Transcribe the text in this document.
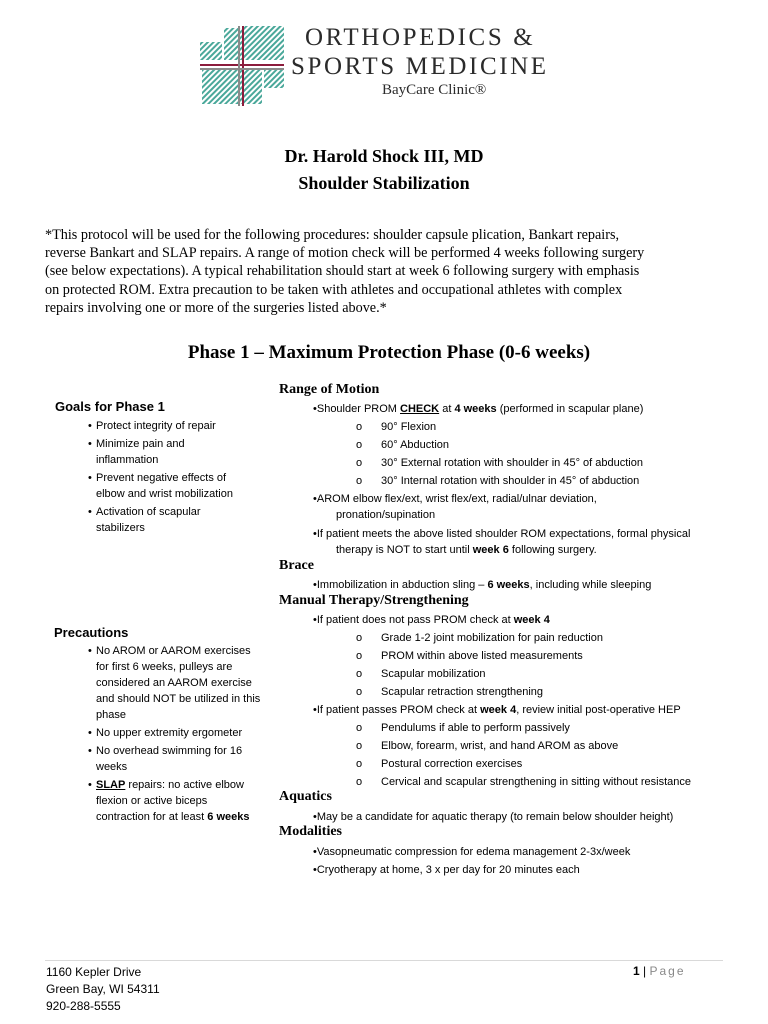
ORTHOPEDICS &
SPORTS MEDICINE
BayCare Clinic®
Dr. Harold Shock III, MD
Shoulder Stabilization
*This protocol will be used for the following procedures: shoulder capsule plication, Bankart repairs,
reverse Bankart and SLAP repairs. A range of motion check will be performed 4 weeks following surgery
(see below expectations). A typical rehabilitation should start at week 6 following surgery with emphasis
on protected ROM. Extra precaution to be taken with athletes and occupational athletes with complex
repairs involving one or more of the surgeries listed above.*
Phase 1 – Maximum Protection Phase (0-6 weeks)
Goals for Phase 1
• Protect integrity of repair
• Minimize pain and inflammation
• Prevent negative effects of elbow and wrist mobilization
• Activation of scapular stabilizers
Precautions
• No AROM or AAROM exercises for first 6 weeks, pulleys are considered an AAROM exercise and should NOT be utilized in this phase
• No upper extremity ergometer
• No overhead swimming for 16 weeks
• SLAP repairs: no active elbow flexion or active biceps contraction for at least 6 weeks
Range of Motion
•Shoulder PROM CHECK at 4 weeks (performed in scapular plane)
o 90° Flexion
o 60° Abduction
o 30° External rotation with shoulder in 45° of abduction
o 30° Internal rotation with shoulder in 45° of abduction
•AROM elbow flex/ext, wrist flex/ext, radial/ulnar deviation,
pronation/supination
•If patient meets the above listed shoulder ROM expectations, formal physical
therapy is NOT to start until week 6 following surgery.
Brace
•Immobilization in abduction sling – 6 weeks, including while sleeping
Manual Therapy/Strengthening
•If patient does not pass PROM check at week 4
o Grade 1-2 joint mobilization for pain reduction
o PROM within above listed measurements
o Scapular mobilization
o Scapular retraction strengthening
•If patient passes PROM check at week 4, review initial post-operative HEP
o Pendulums if able to perform passively
o Elbow, forearm, wrist, and hand AROM as above
o Postural correction exercises
o Cervical and scapular strengthening in sitting without resistance
Aquatics
•May be a candidate for aquatic therapy (to remain below shoulder height)
Modalities
•Vasopneumatic compression for edema management 2-3x/week
•Cryotherapy at home, 3 x per day for 20 minutes each
1160 Kepler Drive
Green Bay, WI 54311
920-288-5555
1 | Page
